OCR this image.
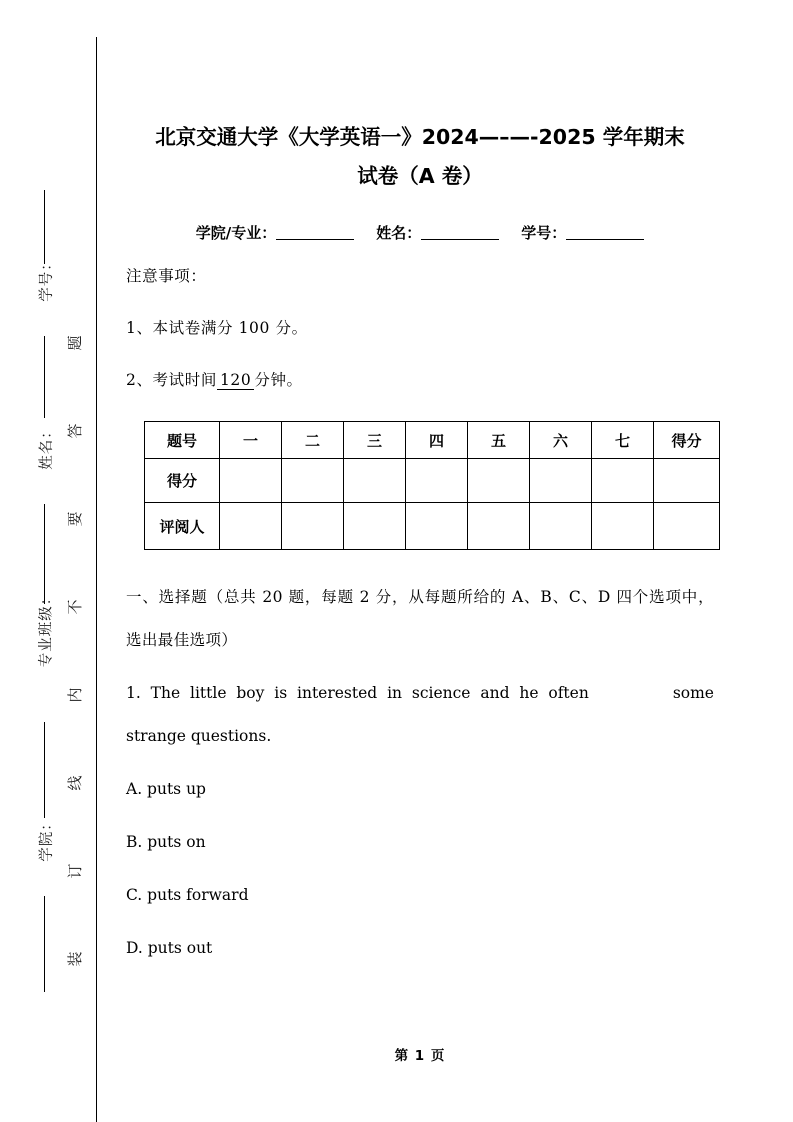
题
答
要
不
内
线
订
装
学号：
姓名：
专业班级：
学院：
北京交通大学《大学英语一》2024—–—-2025 学年期末
试卷（A 卷）
学院/专业：	姓名：	学号：
注意事项：
1、本试卷满分 100 分。
2、考试时间 120 分钟。
题号	一	二	三	四	五	六	七	得分
得分								
评阅人								
一、选择题（总共 20 题，每题 2 分，从每题所给的 A、B、C、D 四个选项中，选出最佳选项）
1. The little boy is interested in science and he often	some strange questions.
A. puts up
B. puts on
C. puts forward
D. puts out
第 1 页
